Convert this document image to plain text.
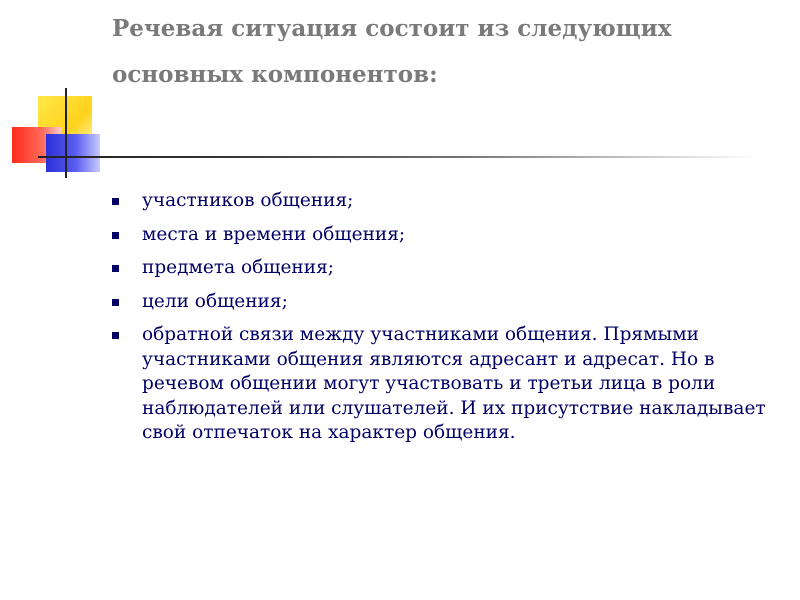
Речевая ситуация состоит из следующих основных компонентов:
участников общения;
места и времени общения;
предмета общения;
цели общения;
обратной связи между участниками общения. Прямыми участниками общения являются адресант и адресат. Но в речевом общении могут участвовать и третьи лица в роли наблюдателей или слушателей. И их присутствие накладывает свой отпечаток на характер общения.
